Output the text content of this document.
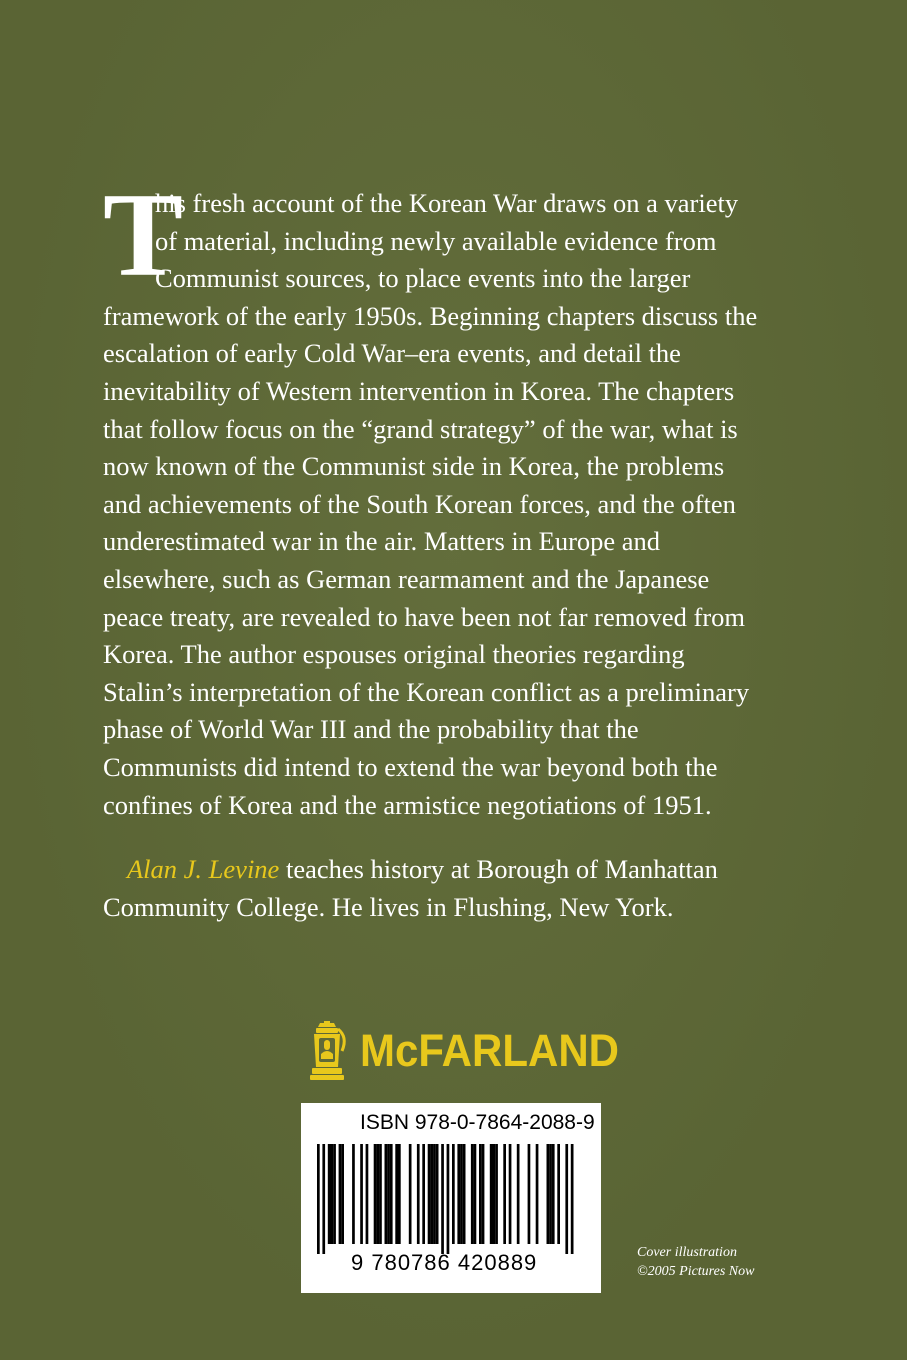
T
his fresh account of the Korean War draws on a variety
of material, including newly available evidence from
Communist sources, to place events into the larger
framework of the early 1950s. Beginning chapters discuss the
escalation of early Cold War–era events, and detail the
inevitability of Western intervention in Korea. The chapters
that follow focus on the “grand strategy” of the war, what is
now known of the Communist side in Korea, the problems
and achievements of the South Korean forces, and the often
underestimated war in the air. Matters in Europe and
elsewhere, such as German rearmament and the Japanese
peace treaty, are revealed to have been not far removed from
Korea. The author espouses original theories regarding
Stalin’s interpretation of the Korean conflict as a preliminary
phase of World War III and the probability that the
Communists did intend to extend the war beyond both the
confines of Korea and the armistice negotiations of 1951.
Alan J. Levine teaches history at Borough of Manhattan
Community College. He lives in Flushing, New York.
McFARLAND
ISBN 978-0-7864-2088-9
9 780786 420889	Cover illustration
©2005 Pictures Now
